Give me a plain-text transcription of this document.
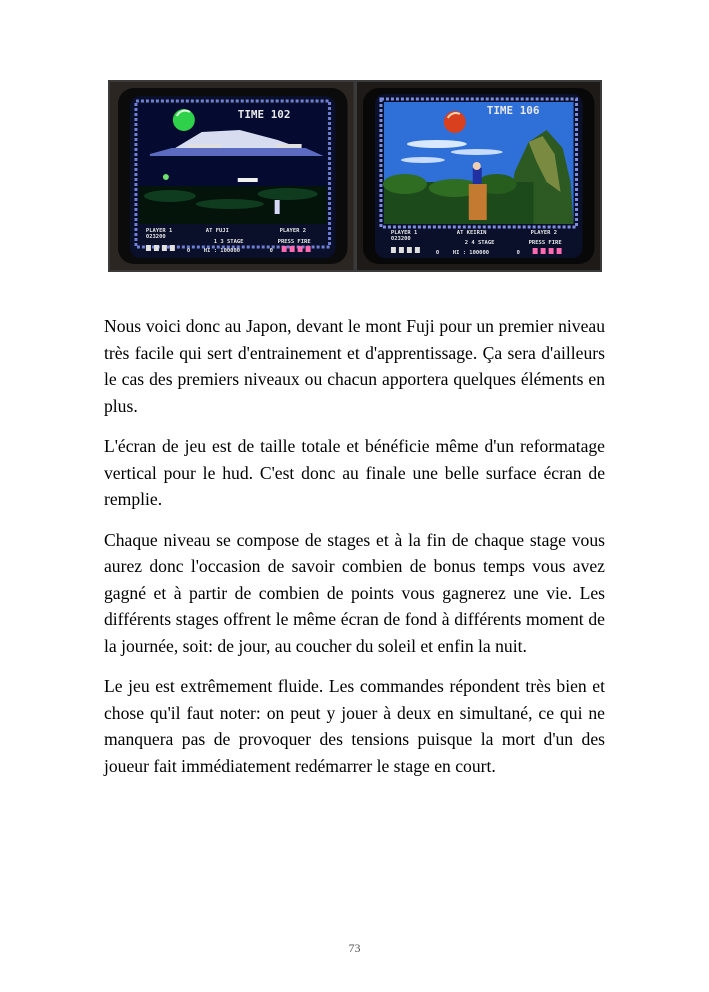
TIME 102
PLAYER 1
023200
AT FUJI
1 3 STAGE
PLAYER 2
PRESS FIRE
HI : 100000
0	0
TIME 106
PLAYER 1
023200
AT KEIRIN
2 4 STAGE
PLAYER 2
PRESS FIRE
HI : 100000
0	0

Nous voici donc au Japon, devant le mont Fuji pour un premier niveau très facile qui sert d'entrainement et d'apprentissage. Ça sera d'ailleurs le cas des premiers niveaux ou chacun apportera quelques éléments en plus.

L'écran de jeu est de taille totale et bénéficie même d'un reformatage vertical pour le hud. C'est donc au finale une belle surface écran de remplie.

Chaque niveau se compose de stages et à la fin de chaque stage vous aurez donc l'occasion de savoir combien de bonus temps vous avez gagné et à partir de combien de points vous gagnerez une vie. Les différents stages offrent le même écran de fond à différents moment de la journée, soit: de jour, au coucher du soleil et enfin la nuit.

Le jeu est extrêmement fluide. Les commandes répondent très bien et chose qu'il faut noter: on peut y jouer à deux en simultané, ce qui ne manquera pas de provoquer des tensions puisque la mort d'un des joueur fait immédiatement redémarrer le stage en court.

73
